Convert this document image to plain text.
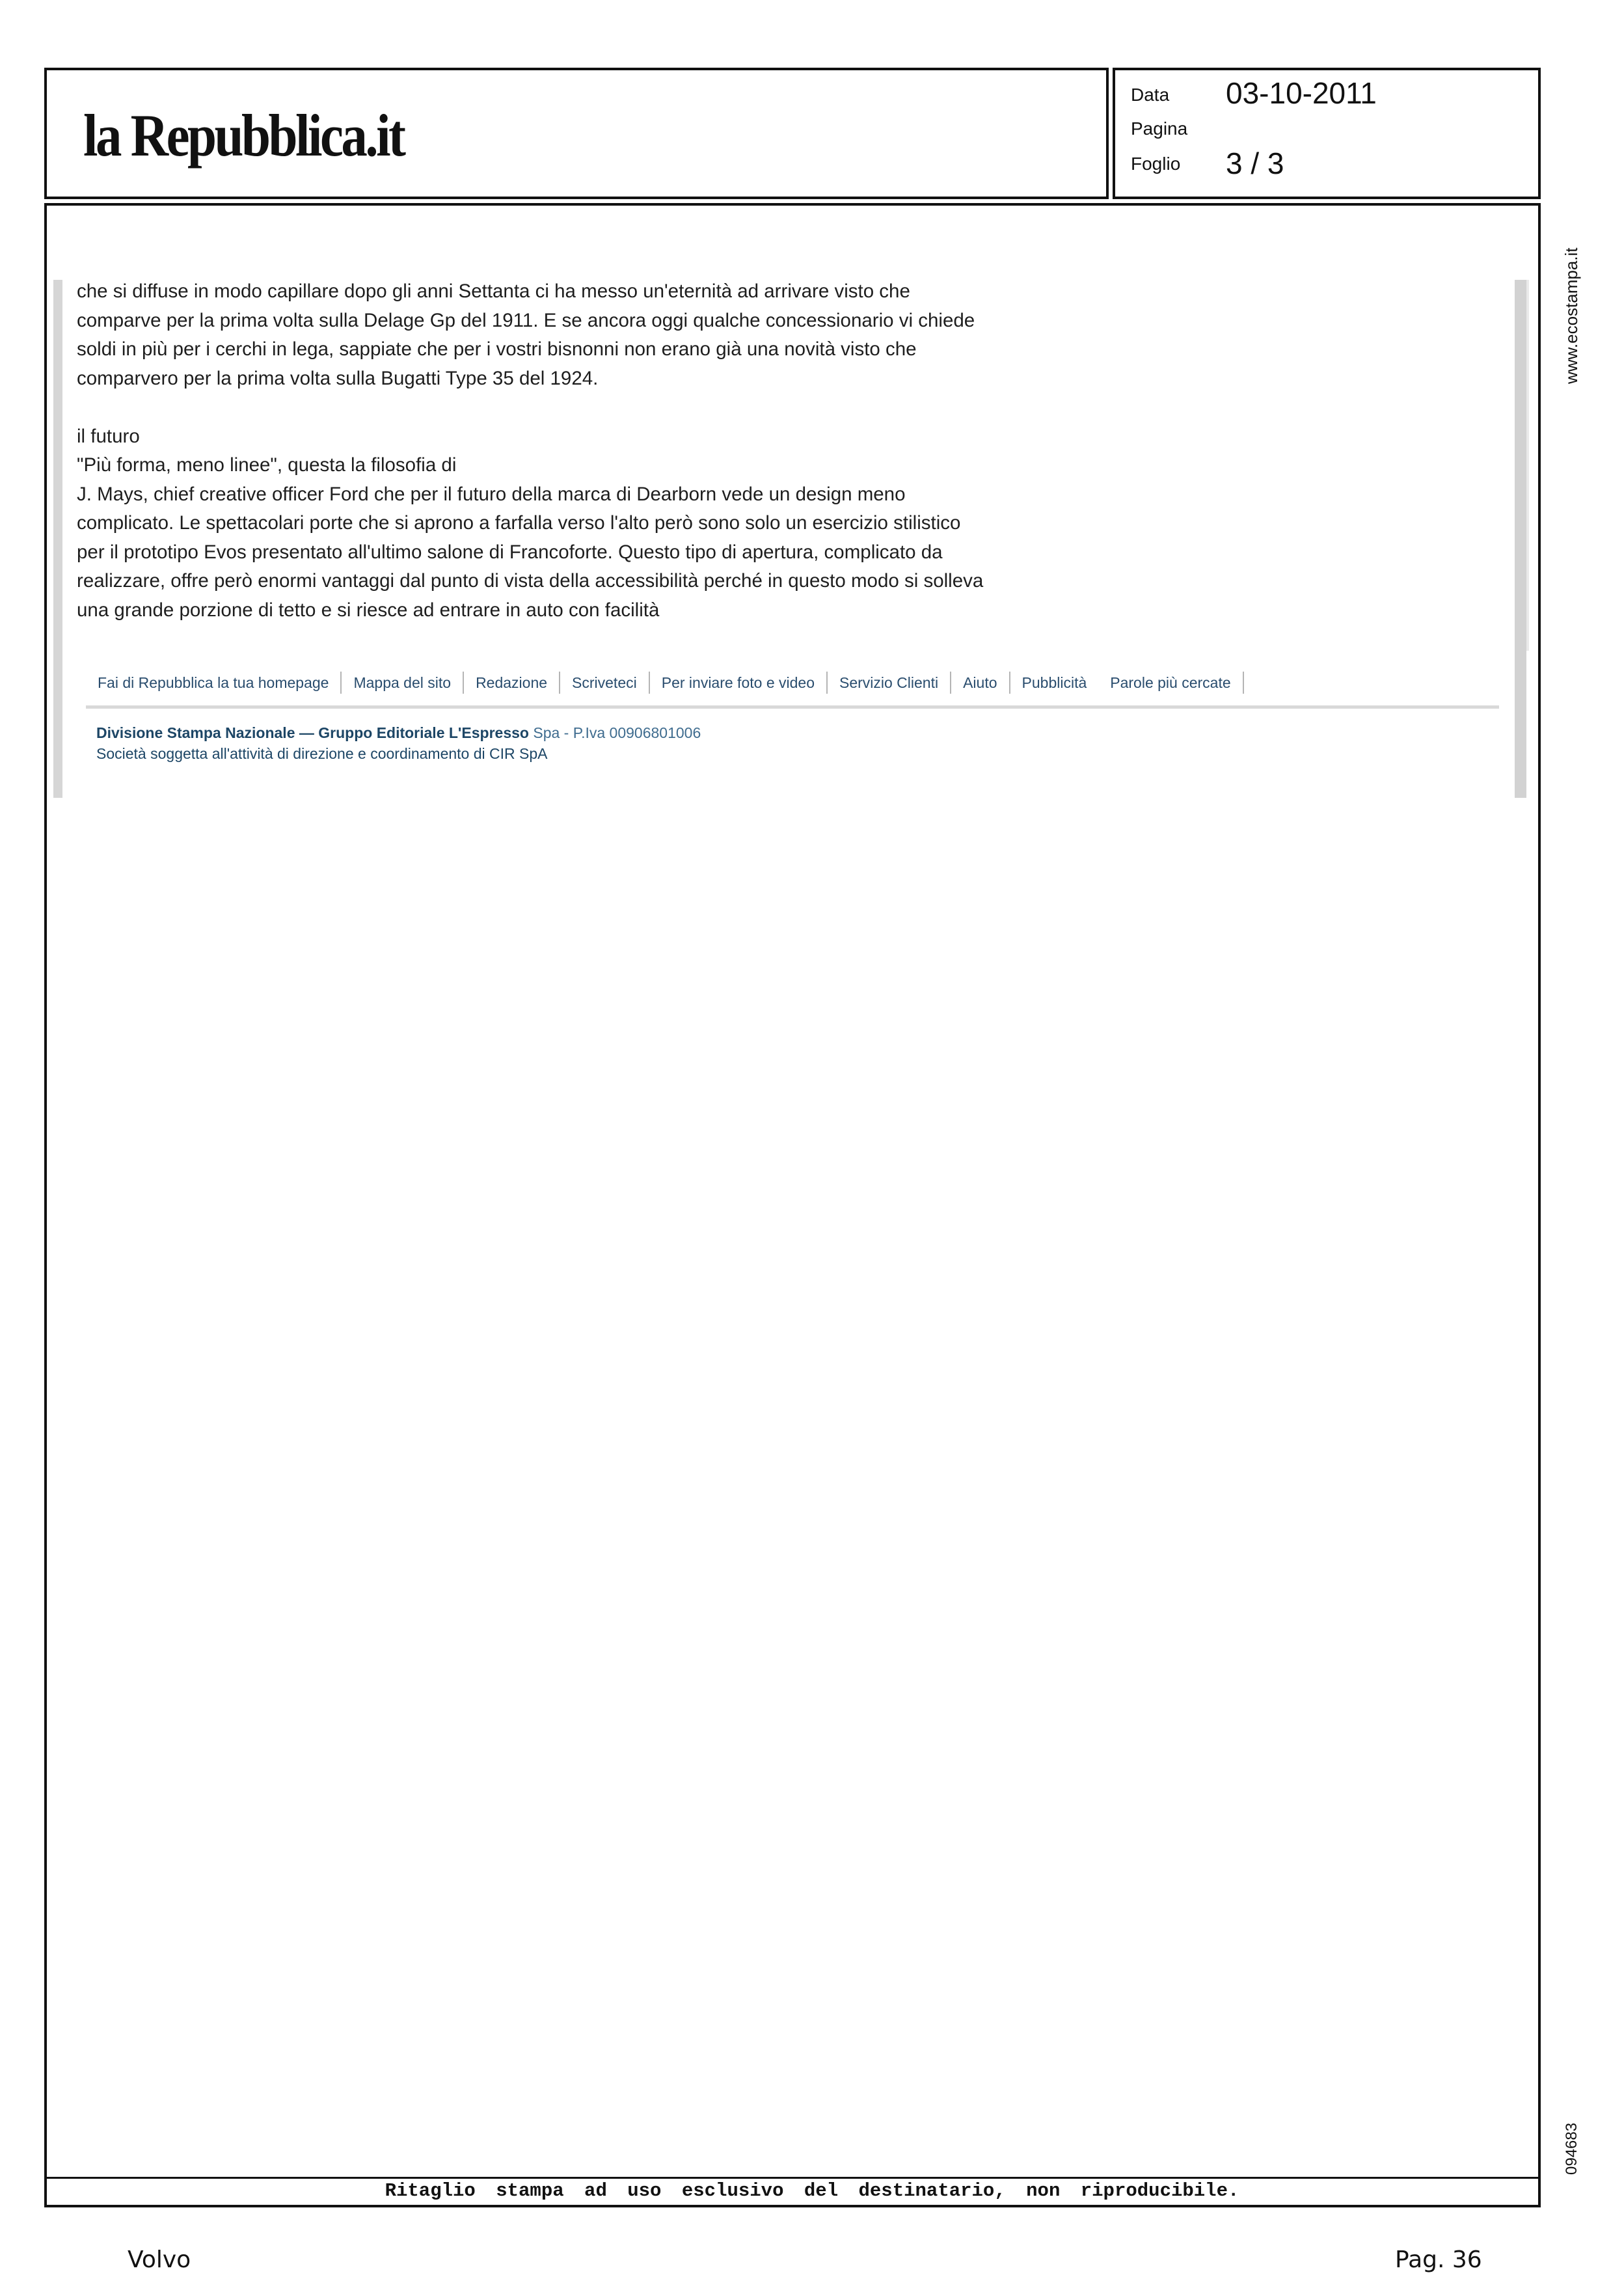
la Repubblica.it
Data 03-10-2011
Pagina
Foglio 3 / 3
www.ecostampa.it
094683

che si diffuse in modo capillare dopo gli anni Settanta ci ha messo un'eternità ad arrivare visto che

comparve per la prima volta sulla Delage Gp del 1911. E se ancora oggi qualche concessionario vi chiede

soldi in più per i cerchi in lega, sappiate che per i vostri bisnonni non erano già una novità visto che

comparvero per la prima volta sulla Bugatti Type 35 del 1924.

il futuro

"Più forma, meno linee", questa la filosofia di

J. Mays, chief creative officer Ford che per il futuro della marca di Dearborn vede un design meno

complicato. Le spettacolari porte che si aprono a farfalla verso l'alto però sono solo un esercizio stilistico

per il prototipo Evos presentato all'ultimo salone di Francoforte. Questo tipo di apertura, complicato da

realizzare, offre però enormi vantaggi dal punto di vista della accessibilità perché in questo modo si solleva

una grande porzione di tetto e si riesce ad entrare in auto con facilità

Fai di Repubblica la tua homepage	Mappa del sito	Redazione	Scriveteci	Per inviare foto e video	Servizio Clienti	Aiuto	Pubblicità	Parole più cercate
Divisione Stampa Nazionale — Gruppo Editoriale L'Espresso Spa - P.Iva 00906801006
Società soggetta all'attività di direzione e coordinamento di CIR SpA
Ritaglio stampa ad uso esclusivo del destinatario, non riproducibile.
Volvo	Pag. 36
